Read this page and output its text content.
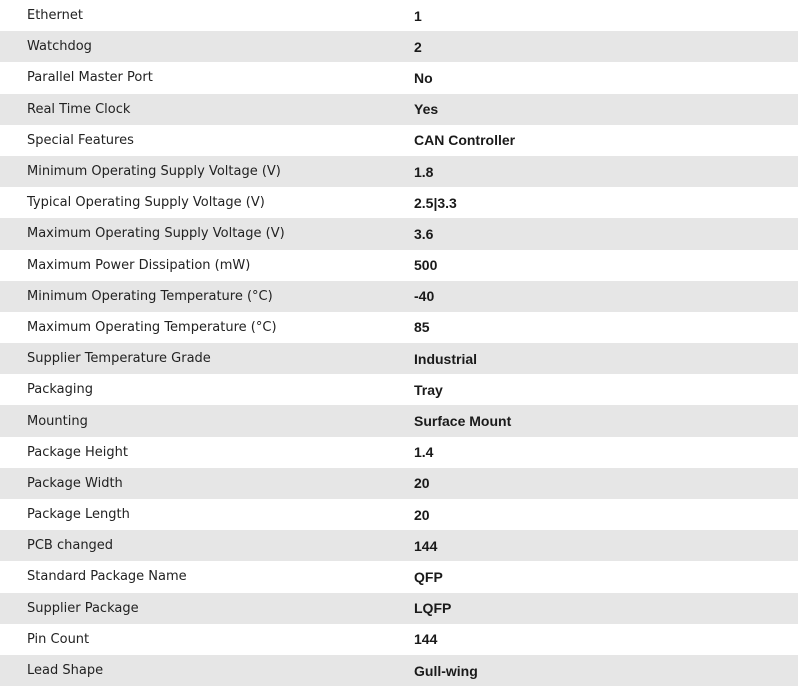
Ethernet	1
Watchdog	2
Parallel Master Port	No
Real Time Clock	Yes
Special Features	CAN Controller
Minimum Operating Supply Voltage (V)	1.8
Typical Operating Supply Voltage (V)	2.5|3.3
Maximum Operating Supply Voltage (V)	3.6
Maximum Power Dissipation (mW)	500
Minimum Operating Temperature (°C)	-40
Maximum Operating Temperature (°C)	85
Supplier Temperature Grade	Industrial
Packaging	Tray
Mounting	Surface Mount
Package Height	1.4
Package Width	20
Package Length	20
PCB changed	144
Standard Package Name	QFP
Supplier Package	LQFP
Pin Count	144
Lead Shape	Gull-wing
